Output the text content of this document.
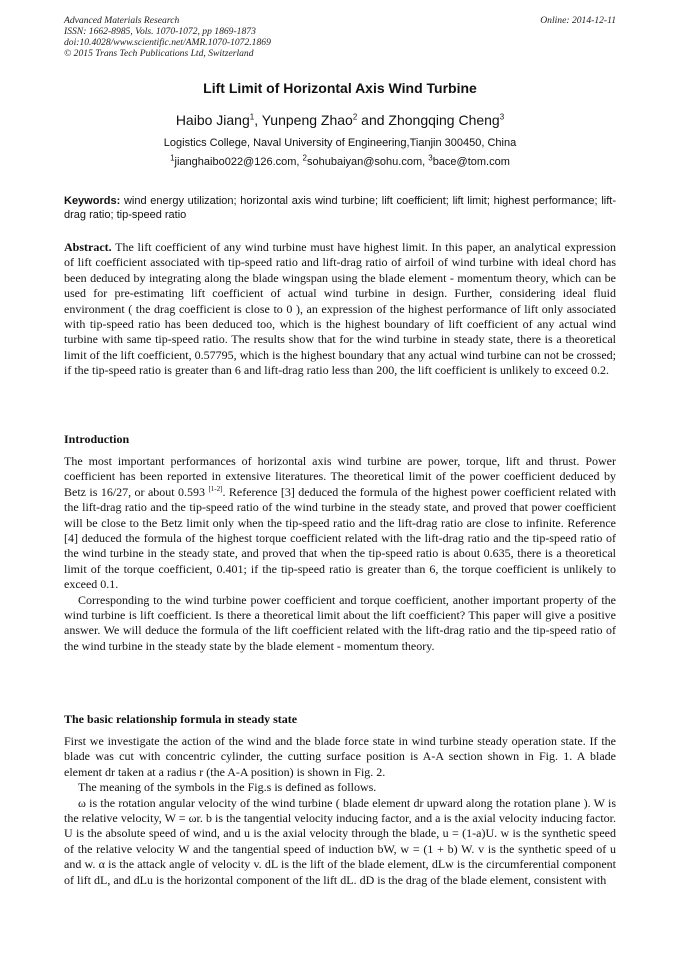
Advanced Materials Research
ISSN: 1662-8985, Vols. 1070-1072, pp 1869-1873
doi:10.4028/www.scientific.net/AMR.1070-1072.1869
© 2015 Trans Tech Publications Ltd, Switzerland
Online: 2014-12-11
Lift Limit of Horizontal Axis Wind Turbine
Haibo Jiang$^1$, Yunpeng Zhao$^2$ and Zhongqing Cheng$^3$
Logistics College, Naval University of Engineering,Tianjin 300450, China
$^1$jianghaibo022@126.com, $^2$sohubaiyan@sohu.com, $^3$bace@tom.com
Keywords: wind energy utilization; horizontal axis wind turbine; lift coefficient; lift limit; highest performance; lift-drag ratio; tip-speed ratio

Abstract. The lift coefficient of any wind turbine must have highest limit. In this paper, an analytical expression of lift coefficient associated with tip-speed ratio and lift-drag ratio of airfoil of wind turbine with ideal chord has been deduced by integrating along the blade wingspan using the blade element - momentum theory, which can be used for pre-estimating lift coefficient of actual wind turbine in design. Further, considering ideal fluid environment ( the drag coefficient is close to 0 ), an expression of the highest performance of lift only associated with tip-speed ratio has been deduced too, which is the highest boundary of lift coefficient of any actual wind turbine with same tip-speed ratio. The results show that for the wind turbine in steady state, there is a theoretical limit of the lift coefficient, 0.57795, which is the highest boundary that any actual wind turbine can not be crossed; if the tip-speed ratio is greater than 6 and lift-drag ratio less than 200, the lift coefficient is unlikely to exceed 0.2.

Introduction

The most important performances of horizontal axis wind turbine are power, torque, lift and thrust. Power coefficient has been reported in extensive literatures. The theoretical limit of the power coefficient deduced by Betz is 16/27, or about 0.593 [1-2]. Reference [3] deduced the formula of the highest power coefficient related with the lift-drag ratio and the tip-speed ratio of the wind turbine in the steady state, and proved that power coefficient will be close to the Betz limit only when the tip-speed ratio and the lift-drag ratio are close to infinite. Reference [4] deduced the formula of the highest torque coefficient related with the lift-drag ratio and the tip-speed ratio of the wind turbine in the steady state, and proved that when the tip-speed ratio is about 0.635, there is a theoretical limit of the torque coefficient, 0.401; if the tip-speed ratio is greater than 6, the torque coefficient is unlikely to exceed 0.1.

Corresponding to the wind turbine power coefficient and torque coefficient, another important property of the wind turbine is lift coefficient. Is there a theoretical limit about the lift coefficient? This paper will give a positive answer. We will deduce the formula of the lift coefficient related with the lift-drag ratio and the tip-speed ratio of the wind turbine in the steady state by the blade element - momentum theory.

The basic relationship formula in steady state

First we investigate the action of the wind and the blade force state in wind turbine steady operation state. If the blade was cut with concentric cylinder, the cutting surface position is A-A section shown in Fig. 1. A blade element dr taken at a radius r (the A-A position) is shown in Fig. 2.

The meaning of the symbols in the Fig.s is defined as follows.

ω is the rotation angular velocity of the wind turbine ( blade element dr upward along the rotation plane ). W is the relative velocity, W = ωr. b is the tangential velocity inducing factor, and a is the axial velocity inducing factor. U is the absolute speed of wind, and u is the axial velocity through the blade, u = (1-a)U. w is the synthetic speed of the relative velocity W and the tangential speed of induction bW, w = (1 + b) W. v is the synthetic speed of u and w. α is the attack angle of velocity v. dL is the lift of the blade element, dLw is the circumferential component of lift dL, and dLu is the horizontal component of the lift dL. dD is the drag of the blade element, consistent with
